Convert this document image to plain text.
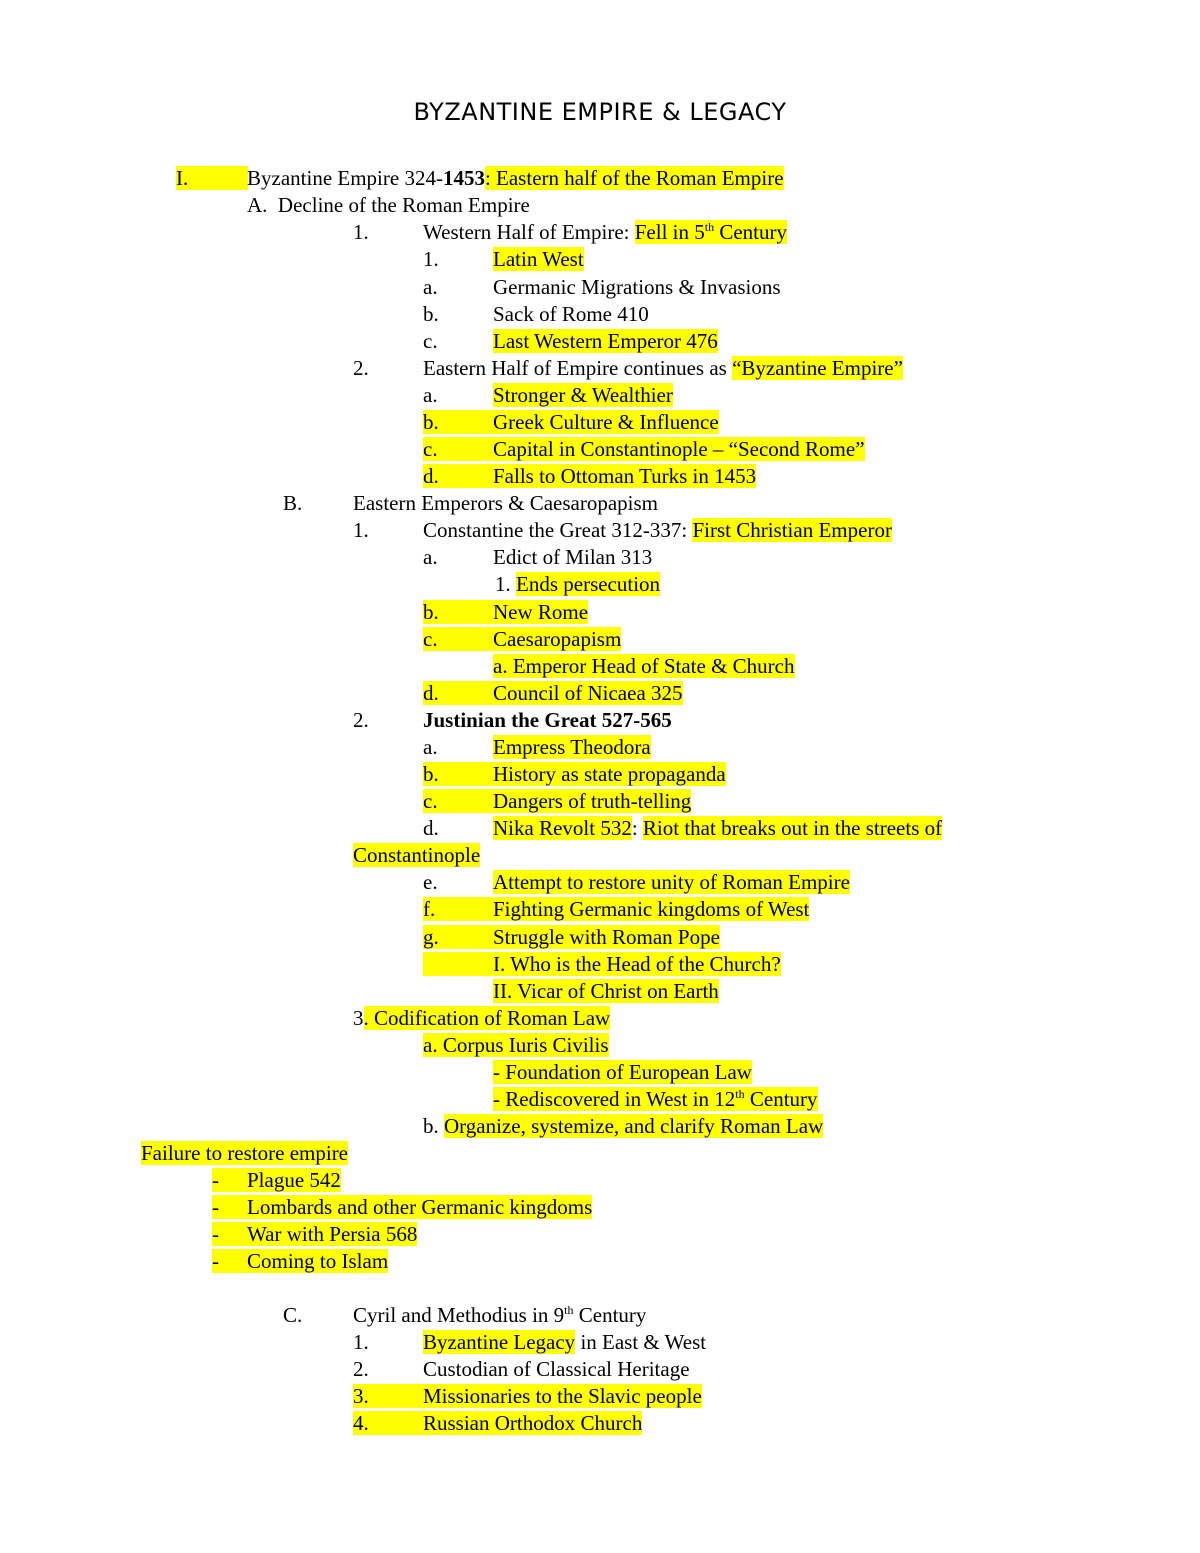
BYZANTINE EMPIRE & LEGACY
I.	Byzantine Empire 324-1453: Eastern half of the Roman Empire
A. Decline of the Roman Empire
1.	Western Half of Empire: Fell in 5th Century
1.	Latin West
a.	Germanic Migrations & Invasions
b.	Sack of Rome 410
c.	Last Western Emperor 476
2.	Eastern Half of Empire continues as “Byzantine Empire”
a.	Stronger & Wealthier
b.	Greek Culture & Influence
c.	Capital in Constantinople – “Second Rome”
d.	Falls to Ottoman Turks in 1453
B. Eastern Emperors & Caesaropapism
1.	Constantine the Great 312-337: First Christian Emperor
a.	Edict of Milan 313
1. Ends persecution
b.	New Rome
c.	Caesaropapism
a. Emperor Head of State & Church
d.	Council of Nicaea 325
2.	Justinian the Great 527-565
a.	Empress Theodora
b.	History as state propaganda
c.	Dangers of truth-telling
d.	Nika Revolt 532: Riot that breaks out in the streets of
Constantinople
e.	Attempt to restore unity of Roman Empire
f.	Fighting Germanic kingdoms of West
g.	Struggle with Roman Pope

I. Who is the Head of the Church?
II. Vicar of Christ on Earth
3. Codification of Roman Law
a. Corpus Iuris Civilis
- Foundation of European Law
- Rediscovered in West in 12th Century
b. Organize, systemize, and clarify Roman Law
Failure to restore empire
-	Plague 542
-	Lombards and other Germanic kingdoms
-	War with Persia 568
-	Coming to Islam
C. Cyril and Methodius in 9th Century
1.	Byzantine Legacy in East & West
2.	Custodian of Classical Heritage
3.	Missionaries to the Slavic people
4.	Russian Orthodox Church
